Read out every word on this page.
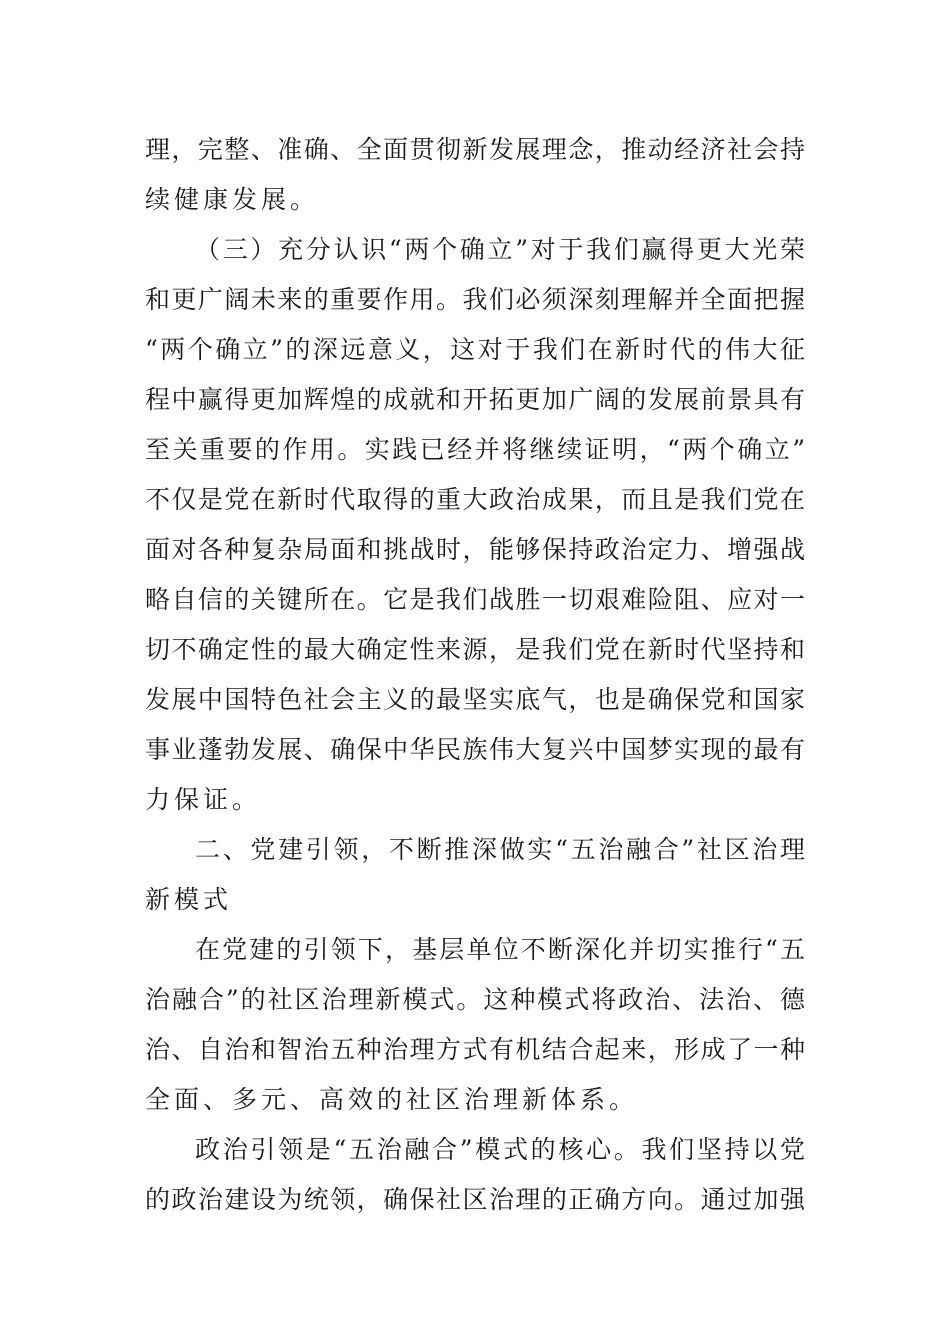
理，完整、准确、全面贯彻新发展理念，推动经济社会持
续健康发展。
（三）充分认识“两个确立”对于我们赢得更大光荣
和更广阔未来的重要作用。我们必须深刻理解并全面把握
“两个确立”的深远意义，这对于我们在新时代的伟大征
程中赢得更加辉煌的成就和开拓更加广阔的发展前景具有
至关重要的作用。实践已经并将继续证明，“两个确立”
不仅是党在新时代取得的重大政治成果，而且是我们党在
面对各种复杂局面和挑战时，能够保持政治定力、增强战
略自信的关键所在。它是我们战胜一切艰难险阻、应对一
切不确定性的最大确定性来源，是我们党在新时代坚持和
发展中国特色社会主义的最坚实底气，也是确保党和国家
事业蓬勃发展、确保中华民族伟大复兴中国梦实现的最有
力保证。
二、党建引领，不断推深做实“五治融合”社区治理
新模式
在党建的引领下，基层单位不断深化并切实推行“五
治融合”的社区治理新模式。这种模式将政治、法治、德
治、自治和智治五种治理方式有机结合起来，形成了一种
全面、多元、高效的社区治理新体系。
政治引领是“五治融合”模式的核心。我们坚持以党
的政治建设为统领，确保社区治理的正确方向。通过加强
